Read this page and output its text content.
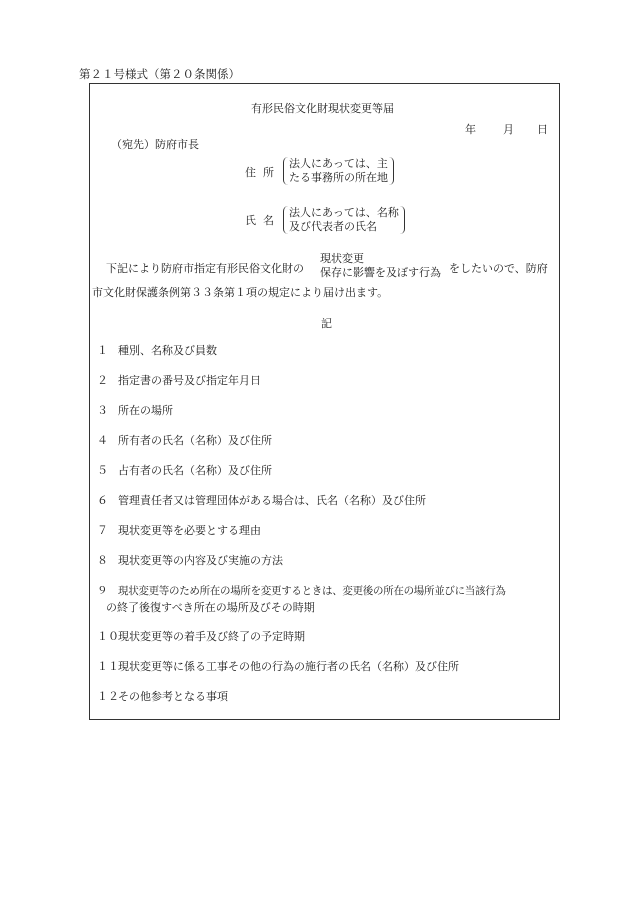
第２１号様式（第２０条関係）
有形民俗文化財現状変更等届
年 月 日
（宛先）防府市長
住所
法人にあっては、主
たる事務所の所在地
氏名
法人にあっては、名称
及び代表者の氏名
下記により防府市指定有形民俗文化財の
現状変更
保存に影響を及ぼす行為 をしたいので、防府
市文化財保護条例第３３条第１項の規定により届け出ます。
記
１ 種別、名称及び員数
２ 指定書の番号及び指定年月日
３ 所在の場所
４ 所有者の氏名（名称）及び住所
５ 占有者の氏名（名称）及び住所
６ 管理責任者又は管理団体がある場合は、氏名（名称）及び住所
７ 現状変更等を必要とする理由
８ 現状変更等の内容及び実施の方法
９ 現状変更等のため所在の場所を変更するときは、変更後の所在の場所並びに当該行為
の終了後復すべき所在の場所及びその時期
１０現状変更等の着手及び終了の予定時期
１１現状変更等に係る工事その他の行為の施行者の氏名（名称）及び住所
１２その他参考となる事項
